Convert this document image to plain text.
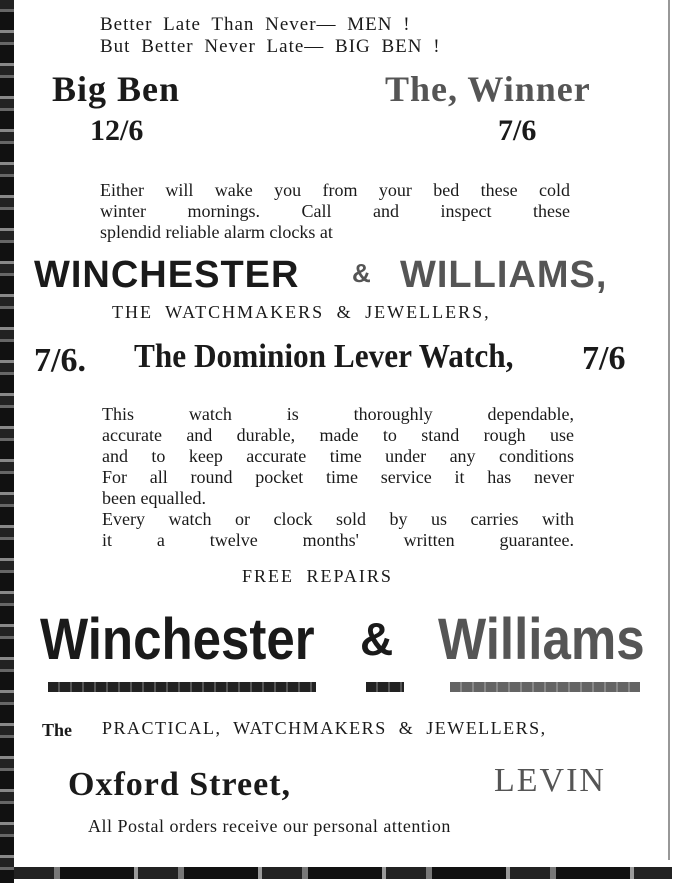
Better Late Than Never— MEN !
But Better Never Late— BIG BEN !
Big Ben
12/6
The, Winner
7/6
Either will wake you from your bed these cold
winter mornings. Call and inspect these
splendid reliable alarm clocks at
WINCHESTER & WILLIAMS,
THE WATCHMAKERS & JEWELLERS,
7/6. The Dominion Lever Watch, 7/6
This watch is thoroughly dependable,
accurate and durable, made to stand rough use
and to keep accurate time under any conditions
For all round pocket time service it has never
been equalled.
Every watch or clock sold by us carries with
it a twelve months' written guarantee.
FREE REPAIRS
Winchester & Williams
The PRACTICAL, WATCHMAKERS & JEWELLERS,
Oxford Street,	LEVIN
All Postal orders receive our personal attention
